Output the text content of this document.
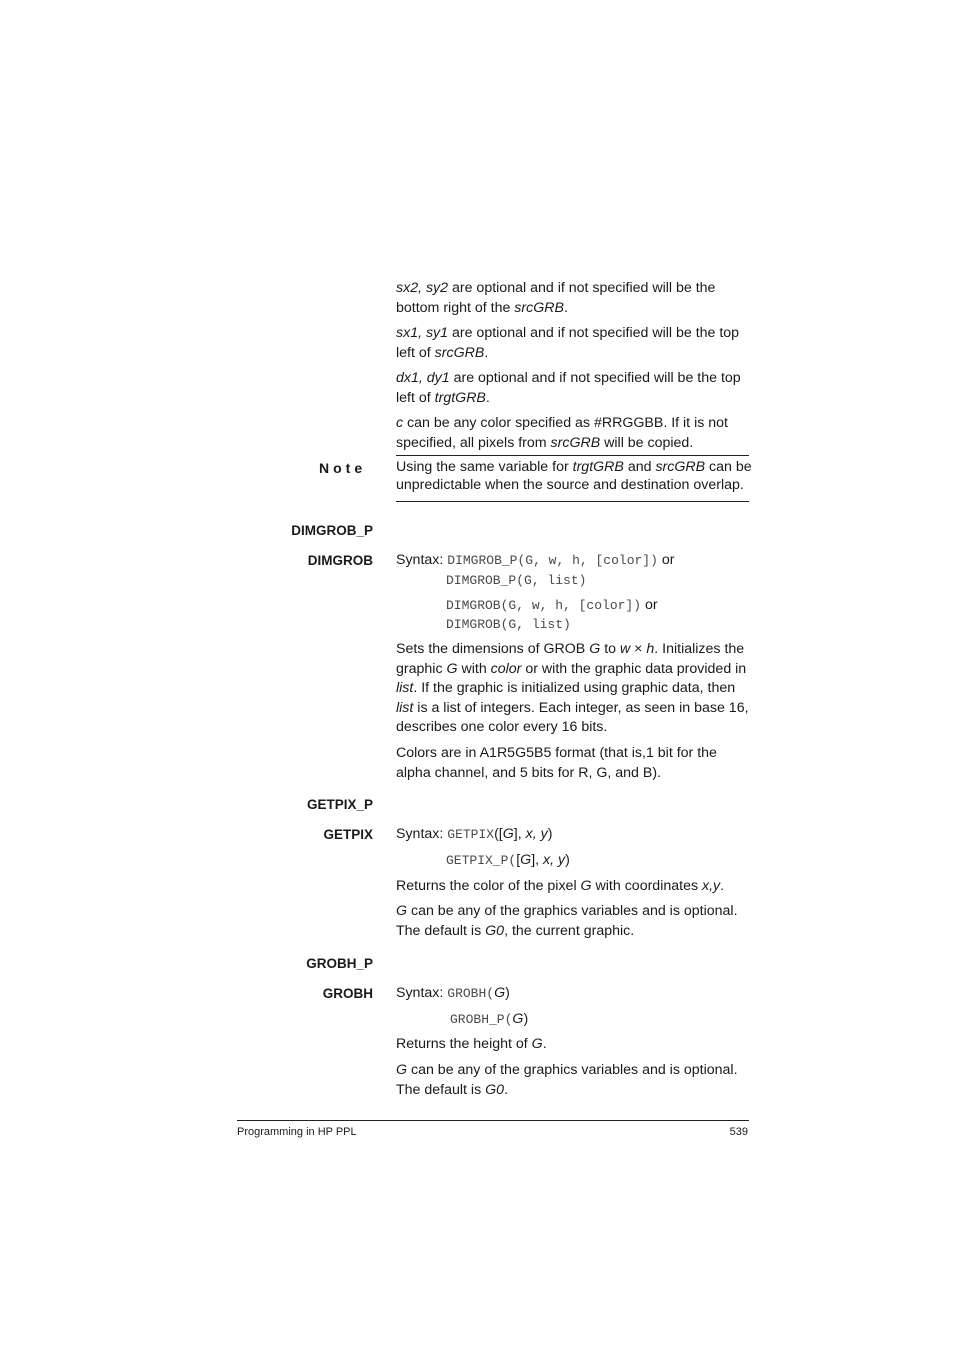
sx2, sy2 are optional and if not specified will be the bottom right of the srcGRB.
sx1, sy1 are optional and if not specified will be the top left of srcGRB.
dx1, dy1 are optional and if not specified will be the top left of trgtGRB.
c can be any color specified as #RRGGBB. If it is not specified, all pixels from srcGRB will be copied.
Note Using the same variable for trgtGRB and srcGRB can be unpredictable when the source and destination overlap.
DIMGROB_P
DIMGROB Syntax: DIMGROB_P(G, w, h, [color]) or
DIMGROB_P(G, list)
DIMGROB(G, w, h, [color]) or
DIMGROB(G, list)
Sets the dimensions of GROB G to w × h. Initializes the graphic G with color or with the graphic data provided in list. If the graphic is initialized using graphic data, then list is a list of integers. Each integer, as seen in base 16, describes one color every 16 bits.
Colors are in A1R5G5B5 format (that is,1 bit for the alpha channel, and 5 bits for R, G, and B).
GETPIX_P
GETPIX Syntax: GETPIX([G], x, y)
GETPIX_P([G], x, y)
Returns the color of the pixel G with coordinates x,y.
G can be any of the graphics variables and is optional. The default is G0, the current graphic.
GROBH_P
GROBH Syntax: GROBH(G)
GROBH_P(G)
Returns the height of G.
G can be any of the graphics variables and is optional. The default is G0.
Programming in HP PPL	539
